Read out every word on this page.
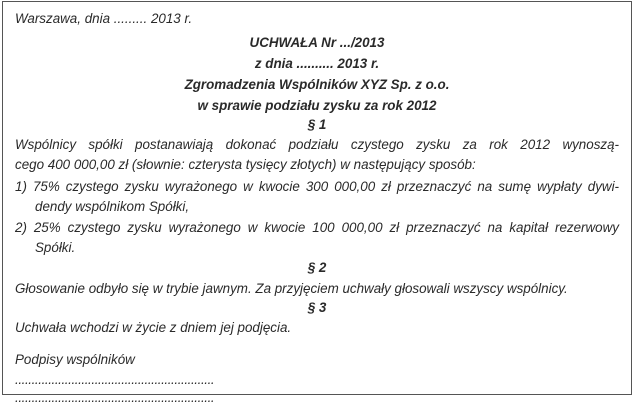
Warszawa, dnia ......... 2013 r.
UCHWAŁA Nr .../2013
z dnia .......... 2013 r.
Zgromadzenia Wspólników XYZ Sp. z o.o.
w sprawie podziału zysku za rok 2012
§ 1
Wspólnicy spółki postanawiają dokonać podziału czystego zysku za rok 2012 wynoszą-
cego 400 000,00 zł (słownie: czterysta tysięcy złotych) w następujący sposób:
1) 75% czystego zysku wyrażonego w kwocie 300 000,00 zł przeznaczyć na sumę wypłaty dywi-
dendy wspólnikom Spółki,
2) 25% czystego zysku wyrażonego w kwocie 100 000,00 zł przeznaczyć na kapitał rezerwowy
Spółki.
§ 2
Głosowanie odbyło się w trybie jawnym. Za przyjęciem uchwały głosowali wszyscy wspólnicy.
§ 3
Uchwała wchodzi w życie z dniem jej podjęcia.
Podpisy wspólników
............................................................
............................................................
